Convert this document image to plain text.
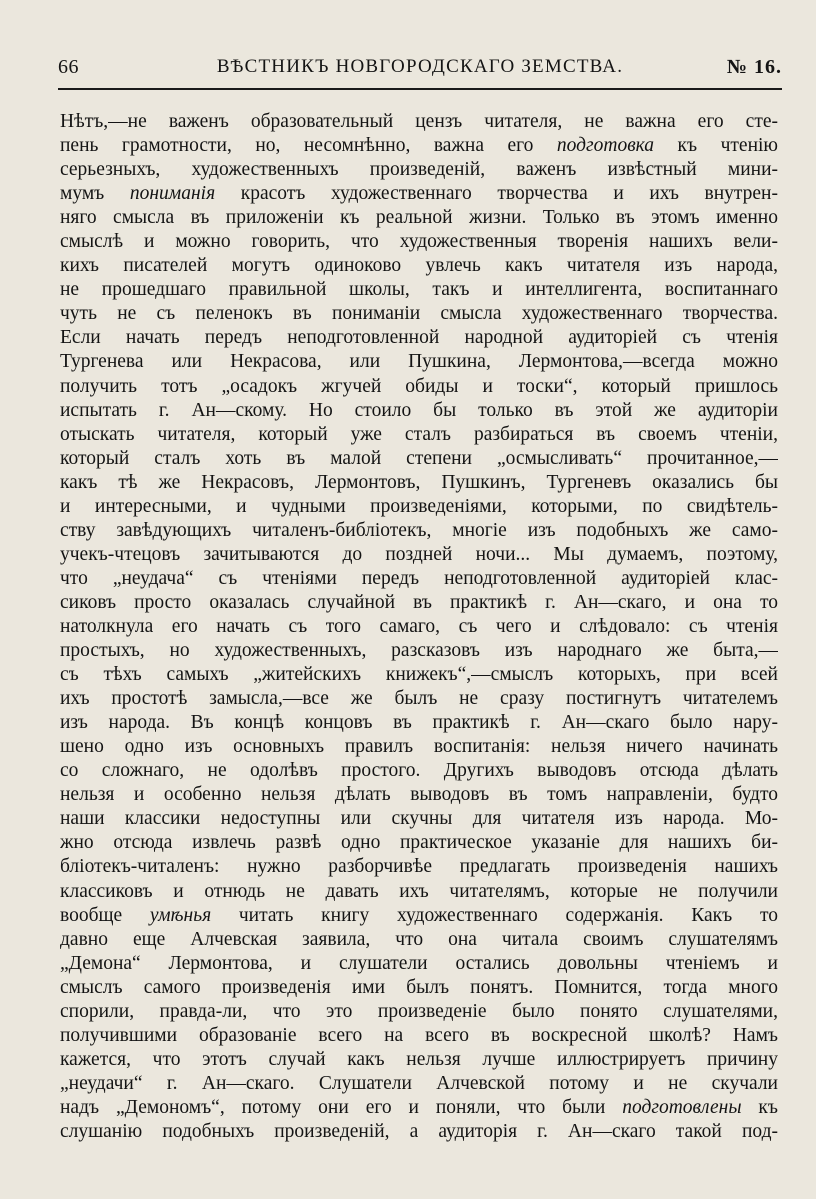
66	ВѢСТНИКЪ НОВГОРОДСКАГО ЗЕМСТВА.	№ 16.
Нѣтъ,—не важенъ образовательный цензъ читателя, не важна его сте-
пень грамотности, но, несомнѣнно, важна его подготовка къ чтенію
серьезныхъ, художественныхъ произведеній, важенъ извѣстный мини-
мумъ пониманія красотъ художественнаго творчества и ихъ внутрен-
няго смысла въ приложеніи къ реальной жизни. Только въ этомъ именно
смыслѣ и можно говорить, что художественныя творенія нашихъ вели-
кихъ писателей могутъ одиноково увлечь какъ читателя изъ народа,
не прошедшаго правильной школы, такъ и интеллигента, воспитаннаго
чуть не съ пеленокъ въ пониманіи смысла художественнаго творчества.
Если начать передъ неподготовленной народной аудиторіей съ чтенія
Тургенева или Некрасова, или Пушкина, Лермонтова,—всегда можно
получить тотъ „осадокъ жгучей обиды и тоски“, который пришлось
испытать г. Ан—скому. Но стоило бы только въ этой же аудиторіи
отыскать читателя, который уже сталъ разбираться въ своемъ чтеніи,
который сталъ хоть въ малой степени „осмысливать“ прочитанное,—
какъ тѣ же Некрасовъ, Лермонтовъ, Пушкинъ, Тургеневъ оказались бы
и интересными, и чудными произведеніями, которыми, по свидѣтель-
ству завѣдующихъ читаленъ-библіотекъ, многіе изъ подобныхъ же само-
учекъ-чтецовъ зачитываются до поздней ночи... Мы думаемъ, поэтому,
что „неудача“ съ чтеніями передъ неподготовленной аудиторіей клас-
сиковъ просто оказалась случайной въ практикѣ г. Ан—скаго, и она то
натолкнула его начать съ того самаго, съ чего и слѣдовало: съ чтенія
простыхъ, но художественныхъ, разсказовъ изъ народнаго же быта,—
съ тѣхъ самыхъ „житейскихъ книжекъ“,—смыслъ которыхъ, при всей
ихъ простотѣ замысла,—все же былъ не сразу постигнутъ читателемъ
изъ народа. Въ концѣ концовъ въ практикѣ г. Ан—скаго было нару-
шено одно изъ основныхъ правилъ воспитанія: нельзя ничего начинать
со сложнаго, не одолѣвъ простого. Другихъ выводовъ отсюда дѣлать
нельзя и особенно нельзя дѣлать выводовъ въ томъ направленіи, будто
наши классики недоступны или скучны для читателя изъ народа. Мо-
жно отсюда извлечь развѣ одно практическое указаніе для нашихъ би-
бліотекъ-читаленъ: нужно разборчивѣе предлагать произведенія нашихъ
классиковъ и отнюдь не давать ихъ читателямъ, которые не получили
вообще умѣнья читать книгу художественнаго содержанія. Какъ то
давно еще Алчевская заявила, что она читала своимъ слушателямъ
„Демона“ Лермонтова, и слушатели остались довольны чтеніемъ и
смыслъ самого произведенія ими былъ понятъ. Помнится, тогда много
спорили, правда-ли, что это произведеніе было понято слушателями,
получившими образованіе всего на всего въ воскресной школѣ? Намъ
кажется, что этотъ случай какъ нельзя лучше иллюстрируетъ причину
„неудачи“ г. Ан—скаго. Слушатели Алчевской потому и не скучали
надъ „Демономъ“, потому они его и поняли, что были подготовлены къ
слушанію подобныхъ произведеній, а аудиторія г. Ан—скаго такой под-
